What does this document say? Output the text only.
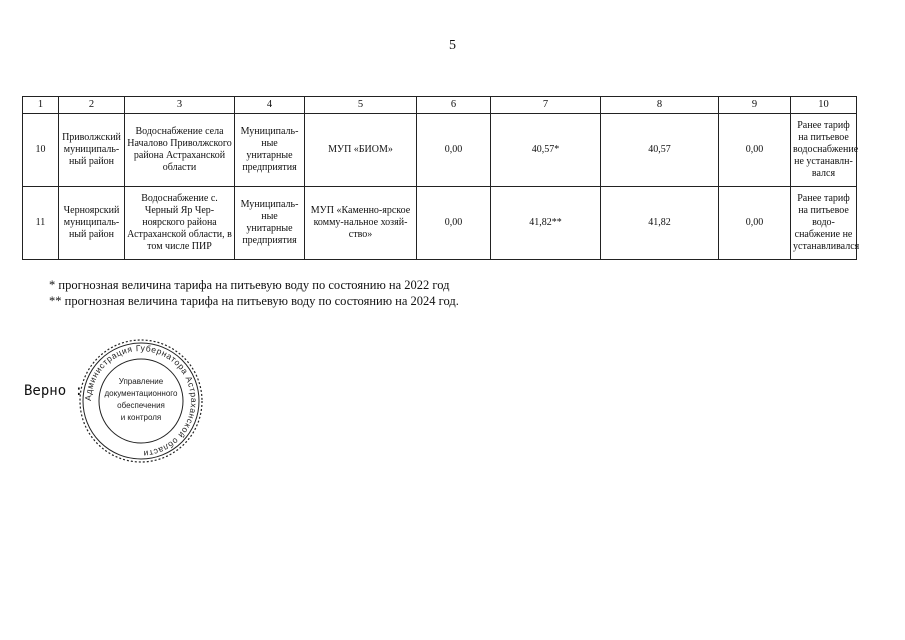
5
1	2	3	4	5	6	7	8	9	10
10	Приволжский муниципаль-ный район	Водоснабжение села Началово Приволжского района Астраханской области	Муниципаль-ные унитарные предприятия	МУП «БИОМ»	0,00	40,57*	40,57	0,00	Ранее тариф на питьевое водоснабжение не устанавлн-вался
11	Черноярский муниципаль-ный район	Водоснабжение с. Черный Яр Чер-ноярского района Астраханской области, в том числе ПИР	Муниципаль-ные унитарные предприятия	МУП «Каменно-ярское комму-нальное хозяй-ство»	0,00	41,82**	41,82	0,00	Ранее тариф на питьевое водо-снабжение не устанавливался
* прогнозная величина тарифа на питьевую воду по состоянию на 2022 год
** прогнозная величина тарифа на питьевую воду по состоянию на 2024 год.
Верно : Администрация Губернатора Астраханской области
Управление
документационного
обеспечения
и контроля
